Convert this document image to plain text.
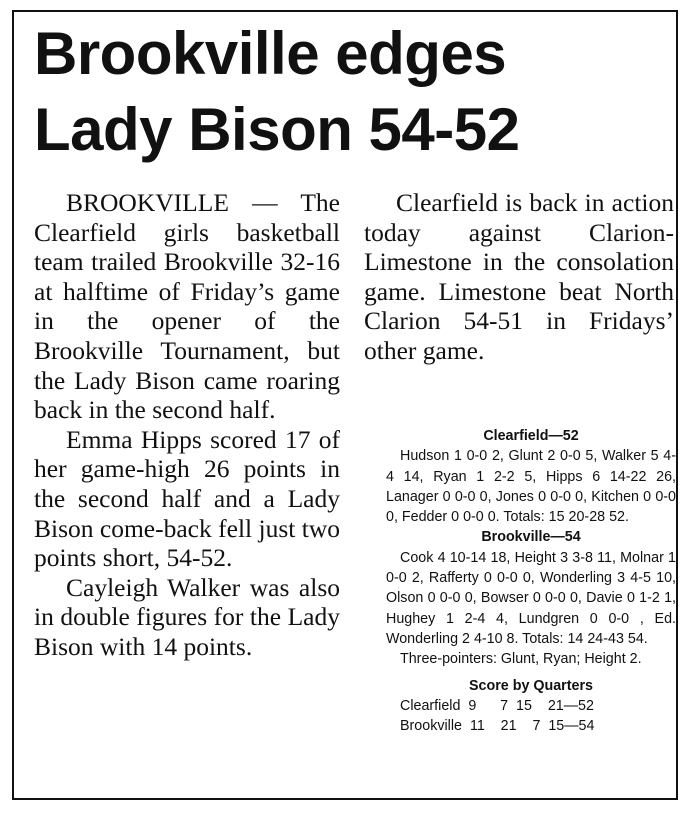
Brookville edges
Lady Bison 54-52

BROOKVILLE — The Clearfield girls basketball team trailed Brookville 32-16 at halftime of Friday’s game in the opener of the Brookville Tournament, but the Lady Bison came roaring back in the second half.

Emma Hipps scored 17 of her game-high 26 points in the second half and a Lady Bison come-back fell just two points short, 54-52.

Cayleigh Walker was also in double figures for the Lady Bison with 14 points.

Clearfield is back in action today against Clarion-Limestone in the consolation game. Limestone beat North Clarion 54-51 in Fridays’ other game.

Clearfield—52
Hudson 1 0-0 2, Glunt 2 0-0 5, Walker 5 4-4 14, Ryan 1 2-2 5, Hipps 6 14-22 26, Lanager 0 0-0 0, Jones 0 0-0 0, Kitchen 0 0-0 0, Fedder 0 0-0 0. Totals: 15 20-28 52.
Brookville—54
Cook 4 10-14 18, Height 3 3-8 11, Molnar 1 0-0 2, Rafferty 0 0-0 0, Wonderling 3 4-5 10, Olson 0 0-0 0, Bowser 0 0-0 0, Davie 0 1-2 1, Hughey 1 2-4 4, Lundgren 0 0-0 , Ed. Wonderling 2 4-10 8. Totals: 14 24-43 54.
Three-pointers: Glunt, Ryan; Height 2.
Score by Quarters
Clearfield 9      7  15    21—52
Brookville 11    21    7  15—54
